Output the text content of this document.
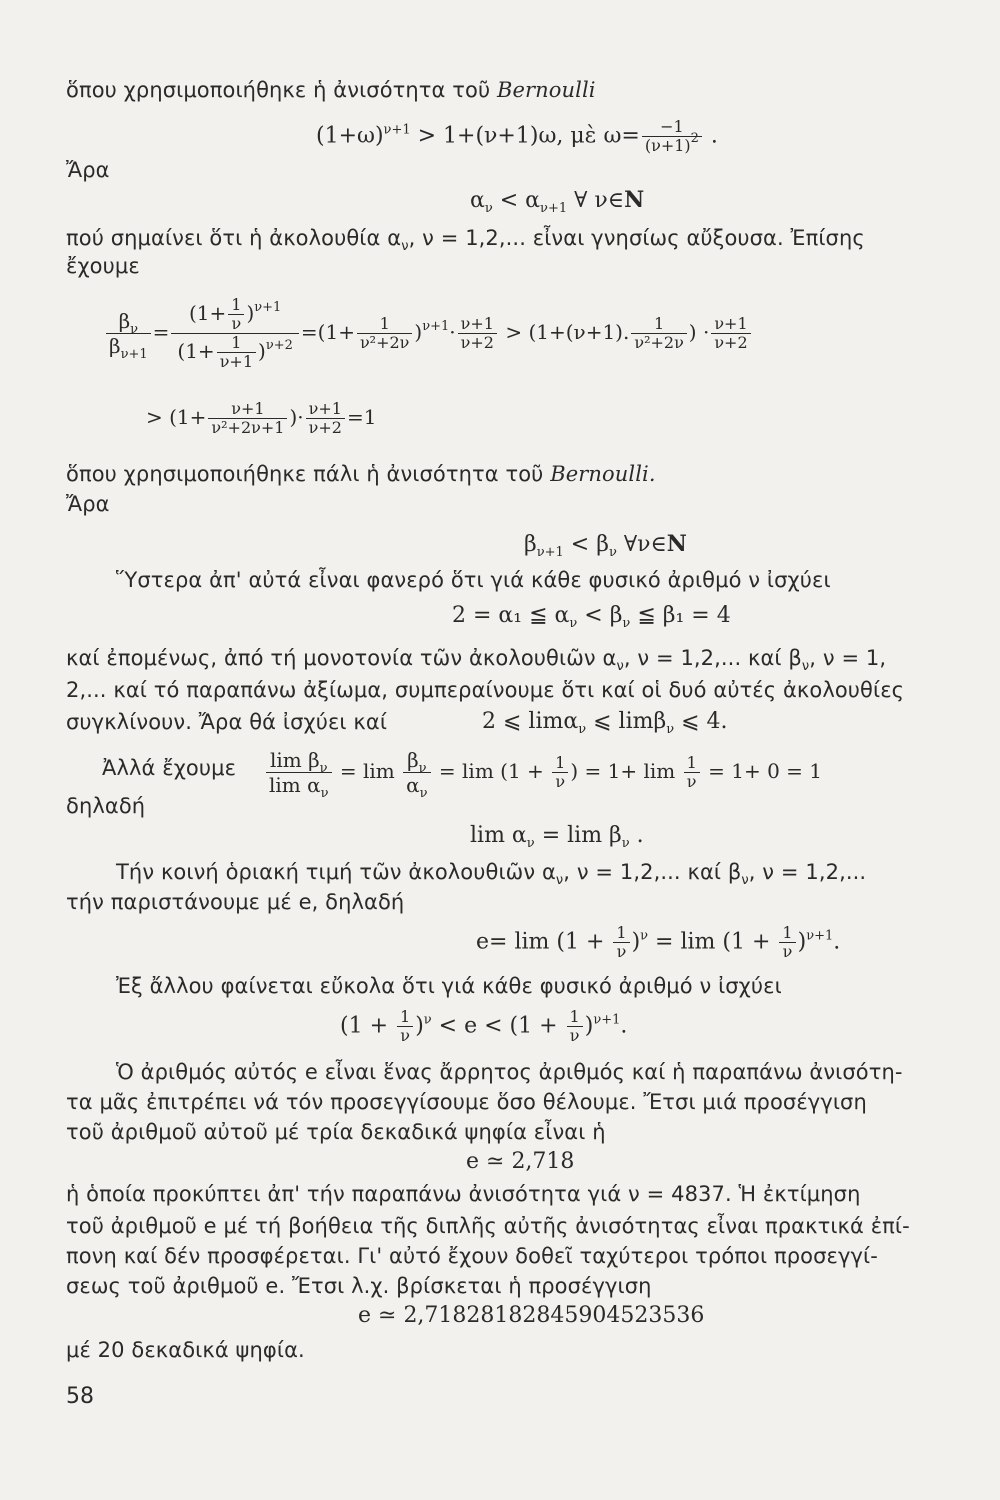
ὅπου χρησιμοποιήθηκε ἡ ἀνισότητα τοῦ Bernoulli
$(1+\omega)^{\nu+1} > 1+(\nu+1)\omega$, μὲ $\omega= \frac{-1}{(\nu+1)^2}$ .
Ἄρα
$\alpha_\nu < \alpha_{\nu+1}$ ∀ ν∈N
πού σημαίνει ὅτι ἡ ἀκολουθία $\alpha_\nu$, ν = 1,2,... εἶναι γνησίως αὔξουσα. Ἐπίσης
ἔχουμε
$\frac{\beta_\nu}{\beta_{\nu+1}} = \frac{(1+ \frac{1}{\nu} )^{\nu+1}}{(1+ \frac{1}{\nu+1} )^{\nu+2}} =(1+ \frac{1}{\text{ν²+2ν}} )^{\nu+1}\cdot \frac{\nu+1}{\nu+2} > (1+(\nu+1)$. $\frac{1}{\text{ν²+2ν}}$ ) · $\frac{\nu+1}{\nu+2}$
> ($1+ \frac{\nu+1}{\text{ν²+2ν+1}}$ )· $\frac{\nu+1}{\nu+2} =1$
ὅπου χρησιμοποιήθηκε πάλι ἡ ἀνισότητα τοῦ Bernoulli.
Ἄρα
$\beta_{\nu+1} < \beta_\nu$ ∀ν∈N
Ὕστερα ἀπ' αὐτά εἶναι φανερό ὅτι γιά κάθε φυσικό ἀριθμό ν ἰσχύει
2 = α₁ ≦ $\alpha_\nu < \beta_\nu$ ≦ β₁ = 4
καί ἐπομένως, ἀπό τή μονοτονία τῶν ἀκολουθιῶν $\alpha_\nu$, ν = 1,2,... καί $\beta_\nu$, ν = 1,
2,... καί τό παραπάνω ἀξίωμα, συμπεραίνουμε ὅτι καί οἱ δυό αὐτές ἀκολουθίες
συγκλίνουν. Ἄρα θά ἰσχύει καί	2 ⩽ limα$_\nu$ ⩽ limβ$_\nu$ ⩽ 4.
Ἀλλά ἔχουμε $\frac{\lim \beta_\nu}{\lim \alpha_\nu} = \lim \frac{\beta_\nu}{\alpha_\nu} = \lim (1 + \frac{1}{\nu}$ ) = $1+ \lim \frac{1}{\nu} = 1+ 0 = 1$
δηλαδή
$\lim \alpha_\nu = \lim \beta_\nu$ .
Τήν κοινή ὁριακή τιμή τῶν ἀκολουθιῶν $\alpha_\nu$, ν = 1,2,... καί $\beta_\nu$, ν = 1,2,...
τήν παριστάνουμε μέ e, δηλαδή
$e= \lim (1 + \frac{1}{\nu} )^\nu = \lim (1 + \frac{1}{\nu} )^{\nu+1}$.
Ἐξ ἄλλου φαίνεται εὔκολα ὅτι γιά κάθε φυσικό ἀριθμό ν ἰσχύει
$(1 + \frac{1}{\nu} )^\nu < e < (1 + \frac{1}{\nu} )^{\nu+1}$.
Ὁ ἀριθμός αὐτός e εἶναι ἕνας ἄρρητος ἀριθμός καί ἡ παραπάνω ἀνισότη-
τα μᾶς ἐπιτρέπει νά τόν προσεγγίσουμε ὅσο θέλουμε. Ἔτσι μιά προσέγγιση
τοῦ ἀριθμοῦ αὐτοῦ μέ τρία δεκαδικά ψηφία εἶναι ἡ
e ≃ 2,718
ἡ ὁποία προκύπτει ἀπ' τήν παραπάνω ἀνισότητα γιά ν = 4837. Ἡ ἐκτίμηση
τοῦ ἀριθμοῦ e μέ τή βοήθεια τῆς διπλῆς αὐτῆς ἀνισότητας εἶναι πρακτικά ἐπί-
πονη καί δέν προσφέρεται. Γι' αὐτό ἔχουν δοθεῖ ταχύτεροι τρόποι προσεγγί-
σεως τοῦ ἀριθμοῦ e. Ἔτσι λ.χ. βρίσκεται ἡ προσέγγιση
e ≃ 2,71828182845904523536
μέ 20 δεκαδικά ψηφία.
58
